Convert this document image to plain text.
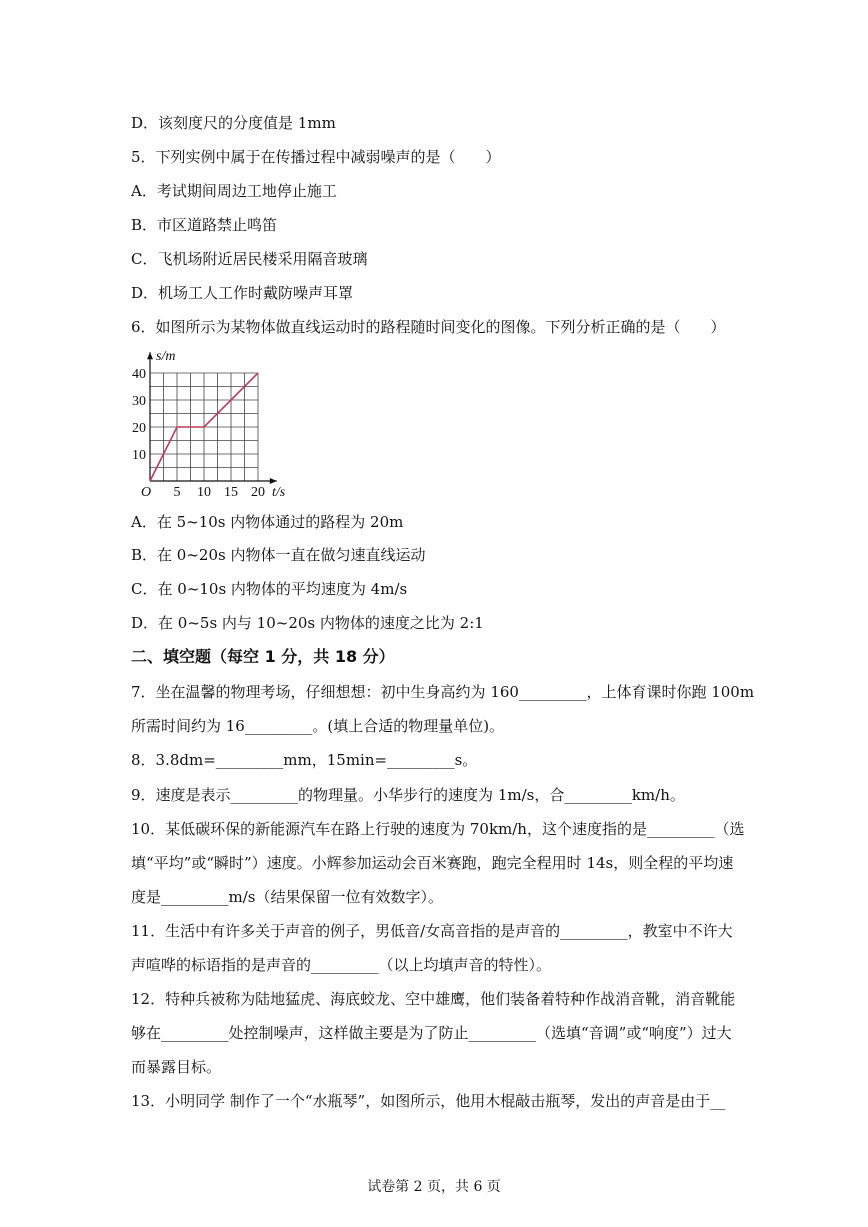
D．该刻度尺的分度值是 1mm
5．下列实例中属于在传播过程中减弱噪声的是（　　）
A．考试期间周边工地停止施工
B．市区道路禁止鸣笛
C．飞机场附近居民楼采用隔音玻璃
D．机场工人工作时戴防噪声耳罩
6．如图所示为某物体做直线运动时的路程随时间变化的图像。下列分析正确的是（　　）
A．在 5~10s 内物体通过的路程为 20m
B．在 0~20s 内物体一直在做匀速直线运动
C．在 0~10s 内物体的平均速度为 4m/s
D．在 0~5s 内与 10~20s 内物体的速度之比为 2:1
二、填空题（每空 1 分，共 18 分）
7．坐在温馨的物理考场，仔细想想：初中生身高约为 160_________，上体育课时你跑 100m
所需时间约为 16_________。(填上合适的物理量单位)。
8．3.8dm=_________mm，15min=_________s。
9．速度是表示_________的物理量。小华步行的速度为 1m/s，合_________km/h。
10．某低碳环保的新能源汽车在路上行驶的速度为 70km/h，这个速度指的是_________（选
填“平均”或“瞬时”）速度。小辉参加运动会百米赛跑，跑完全程用时 14s，则全程的平均速
度是_________m/s（结果保留一位有效数字）。
11．生活中有许多关于声音的例子，男低音/女高音指的是声音的_________，教室中不许大
声喧哗的标语指的是声音的_________（以上均填声音的特性）。
12．特种兵被称为陆地猛虎、海底蛟龙、空中雄鹰，他们装备着特种作战消音靴，消音靴能
够在_________处控制噪声，这样做主要是为了防止_________（选填“音调”或“响度”）过大
而暴露目标。
13．小明同学 制作了一个“水瓶琴”，如图所示，他用木棍敲击瓶琴，发出的声音是由于__
5 10 15 20
10
20
30
40
O	t/s
s/m
试卷第 2 页，共 6 页
